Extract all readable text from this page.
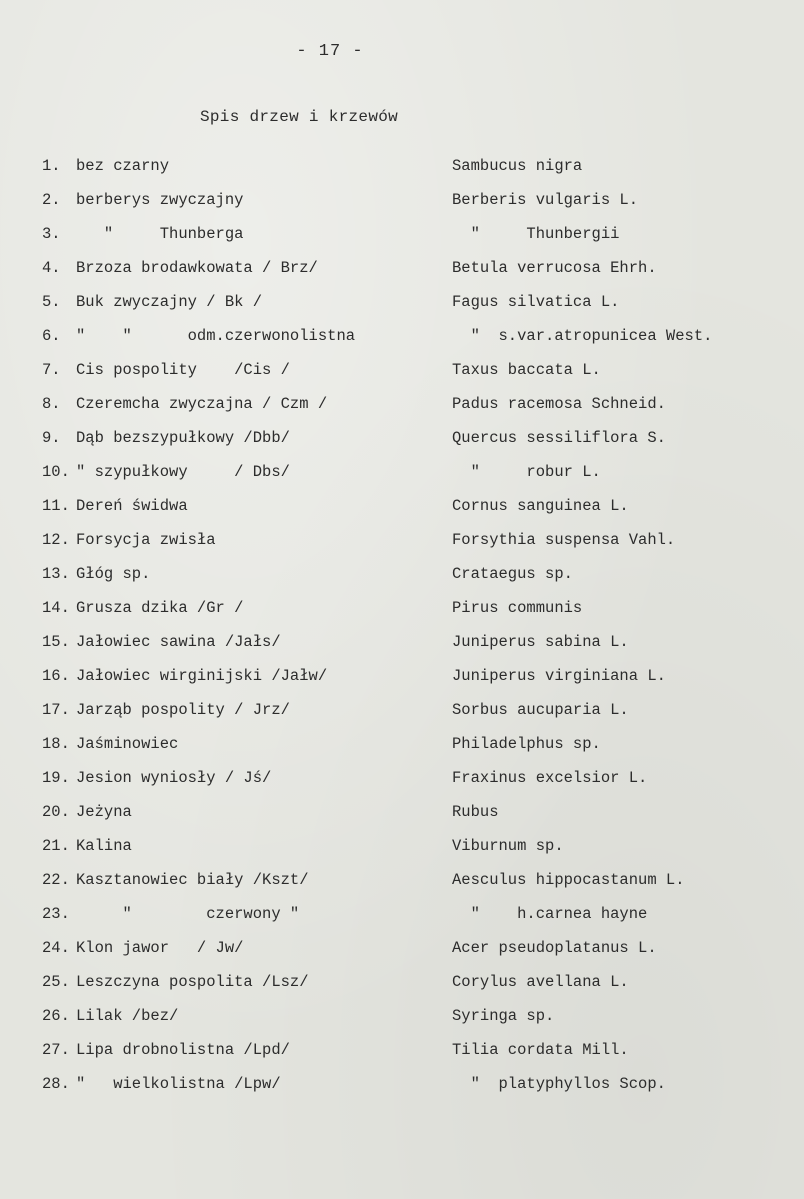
- 17 -
Spis drzew i krzewów
1. bez czarny	Sambucus nigra
2. berberys zwyczajny	Berberis vulgaris L.
3. "     Thunberga	"     Thunbergii
4. Brzoza brodawkowata / Brz/	Betula verrucosa Ehrh.
5. Buk zwyczajny / Bk /	Fagus silvatica L.
6. "    "      odm.czerwonolistna	"  s.var.atropunicea West.
7. Cis pospolity    /Cis /	Taxus baccata L.
8. Czeremcha zwyczajna / Czm /	Padus racemosa Schneid.
9. Dąb bezszypułkowy /Dbb/	Quercus sessiliflora S.
10. " szypułkowy     / Dbs/	"     robur L.
11. Dereń świdwa	Cornus sanguinea L.
12. Forsycja zwisła	Forsythia suspensa Vahl.
13. Głóg sp.	Crataegus sp.
14. Grusza dzika /Gr /	Pirus communis
15. Jałowiec sawina /Jałs/	Juniperus sabina L.
16. Jałowiec wirginijski /Jałw/	Juniperus virginiana L.
17. Jarząb pospolity / Jrz/	Sorbus aucuparia L.
18. Jaśminowiec	Philadelphus sp.
19. Jesion wyniosły / Jś/	Fraxinus excelsior L.
20. Jeżyna	Rubus
21. Kalina	Viburnum sp.
22. Kasztanowiec biały /Kszt/	Aesculus hippocastanum L.
23. "        czerwony "	"    h.carnea hayne
24. Klon jawor   / Jw/	Acer pseudoplatanus L.
25. Leszczyna pospolita /Lsz/	Corylus avellana L.
26. Lilak /bez/	Syringa sp.
27. Lipa drobnolistna /Lpd/	Tilia cordata Mill.
28. "   wielkolistna /Lpw/	"  platyphyllos Scop.
